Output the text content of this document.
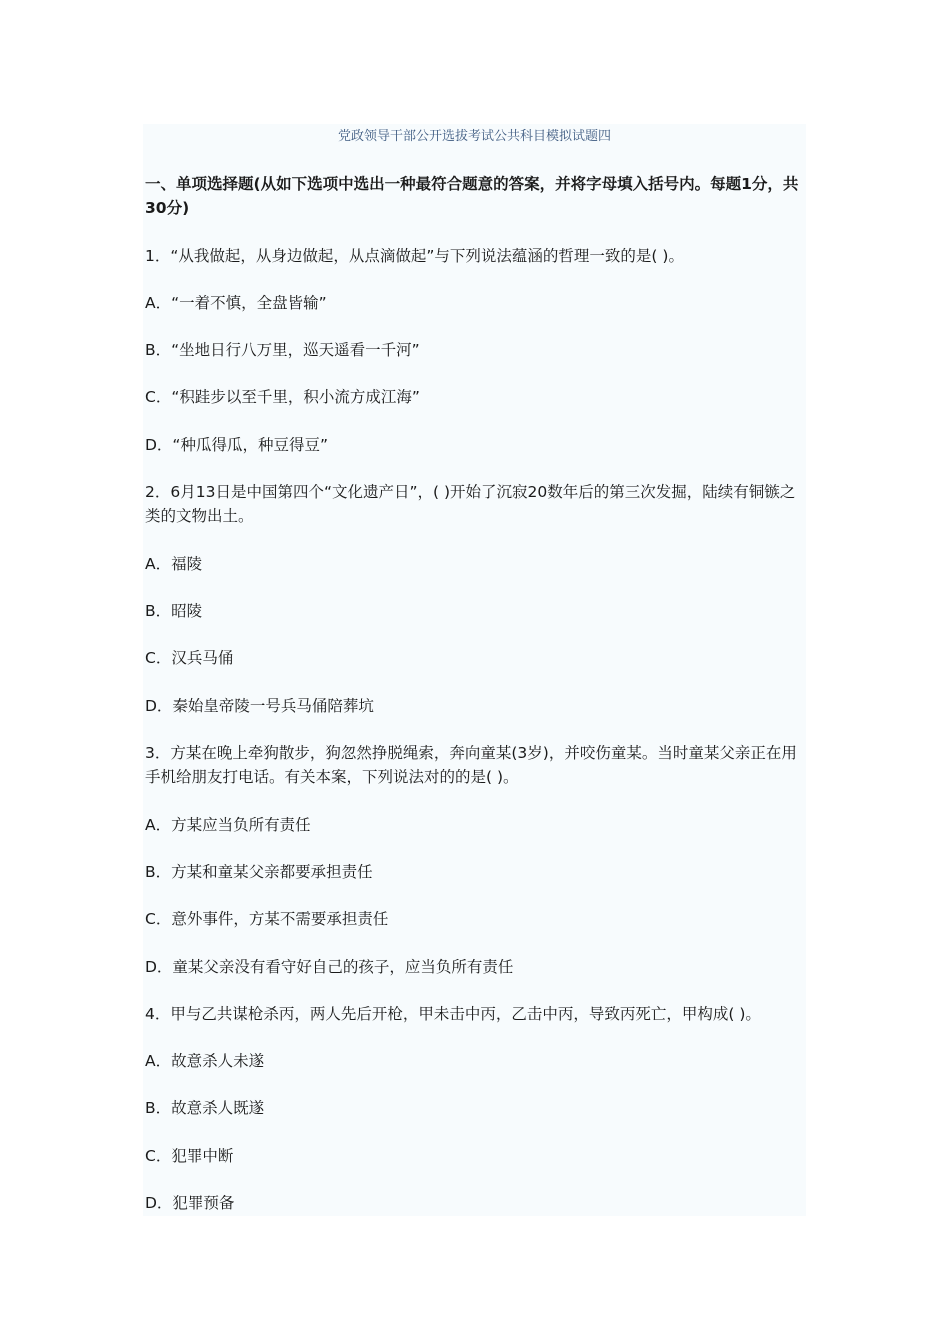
党政领导干部公开选拔考试公共科目模拟试题四
一、单项选择题(从如下选项中选出一种最符合题意的答案，并将字母填入括号内。每题1分，共30分)
1．“从我做起，从身边做起，从点滴做起”与下列说法蕴涵的哲理一致的是( )。
A．“一着不慎，全盘皆输”
B．“坐地日行八万里，巡天遥看一千河”
C．“积跬步以至千里，积小流方成江海”
D．“种瓜得瓜，种豆得豆”
2．6月13日是中国第四个“文化遗产日”，( )开始了沉寂20数年后的第三次发掘，陆续有铜镞之类的文物出土。
A．福陵
B．昭陵
C．汉兵马俑
D．秦始皇帝陵一号兵马俑陪葬坑
3．方某在晚上牵狗散步，狗忽然挣脱绳索，奔向童某(3岁)，并咬伤童某。当时童某父亲正在用手机给朋友打电话。有关本案，下列说法对的的是( )。
A．方某应当负所有责任
B．方某和童某父亲都要承担责任
C．意外事件，方某不需要承担责任
D．童某父亲没有看守好自己的孩子，应当负所有责任
4．甲与乙共谋枪杀丙，两人先后开枪，甲未击中丙，乙击中丙，导致丙死亡，甲构成( )。
A．故意杀人未遂
B．故意杀人既遂
C．犯罪中断
D．犯罪预备
